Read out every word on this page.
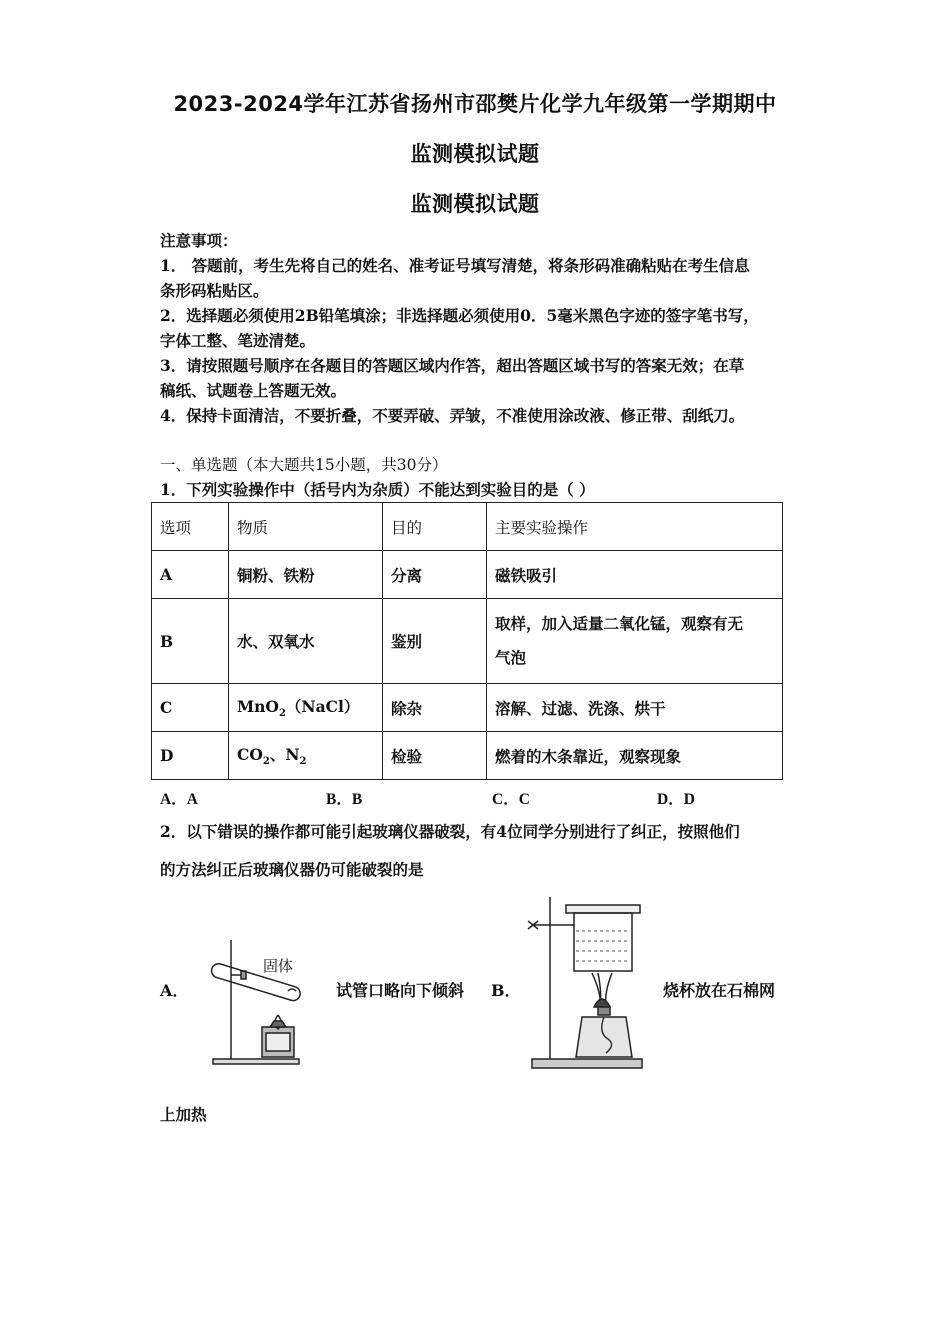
2023-2024学年江苏省扬州市邵樊片化学九年级第一学期期中
监测模拟试题
监测模拟试题
注意事项：
1． 答题前，考生先将自己的姓名、准考证号填写清楚，将条形码准确粘贴在考生信息
条形码粘贴区。
2．选择题必须使用2B铅笔填涂；非选择题必须使用0．5毫米黑色字迹的签字笔书写，
字体工整、笔迹清楚。
3．请按照题号顺序在各题目的答题区域内作答，超出答题区域书写的答案无效；在草
稿纸、试题卷上答题无效。
4．保持卡面清洁，不要折叠，不要弄破、弄皱，不准使用涂改液、修正带、刮纸刀。
一、单选题（本大题共15小题，共30分）
1．下列实验操作中（括号内为杂质）不能达到实验目的是（ ）
选项	物质	目的	主要实验操作
A	铜粉、铁粉	分离	磁铁吸引
B	水、双氧水	鉴别	取样，加入适量二氧化锰，观察有无
气泡

C	MnO$_2$（NaCl）	除杂	溶解、过滤、洗涤、烘干
D	$CO_2$、$N_2$	检验	燃着的木条靠近，观察现象
A．A	B．B	C．C	D．D
2．以下错误的操作都可能引起玻璃仪器破裂，有4位同学分别进行了纠正，按照他们
的方法纠正后玻璃仪器仍可能破裂的是
A．
固体
试管口略向下倾斜 B．	烧杯放在石棉网
上加热
